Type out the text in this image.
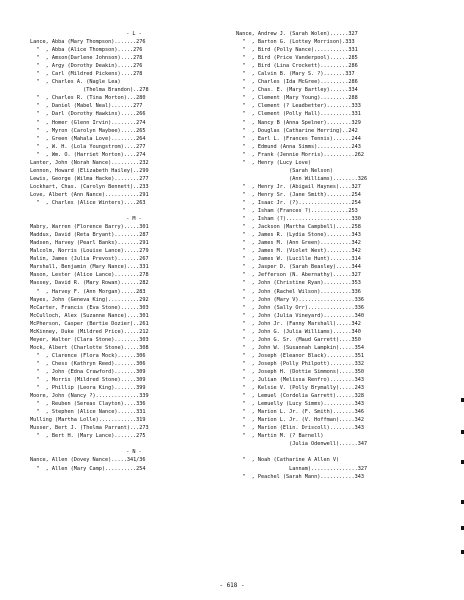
- L -
Lance, Abba (Mary Thompson).......276
"  , Abba (Alice Thompson).....276
"  , Amson(Darlene Johnson)....278
"  , Argy (Dorothy Deakin).....276
"  , Carl (Mildred Pickens)....278
"  , Charles A. (Nagle Lea)
(Thelma Brandon)..278
"  , Charles R. (Tina Morton)...280
"  , Daniel (Mabel Neal).......277
"  , Darl (Dorothy Hawkins).....266
"  , Homer (Glenn Irvin)........274
"  , Myron (Carolyn Maybee).....265
"  , Green (Mahala Love)........264
"  , W. H. (Lola Youngstrom)....277
"  , Wm. O. (Harriet Morton)....274
Lanter, John (Norah Nance).........232
Lennon, Howard (Elizabeth Hailey)..299
Lewis, George (Wilma Hacke)........277
Lockhart, Chas. (Carolyn Bennett)..233
Love, Albert (Ann Nance)...........291
"  , Charles (Alice Winters)....263
- M -
Mabry, Warren (Florence Barry).....301
Maddux, David (Reta Bryant)........287
Madsen, Harvey (Pearl Banks).......291
Malcolm, Norris (Louise Lance).....279
Malin, James (Julia Prevost).......267
Marshall, Benjamin (Mary Nance)....331
Mason, Lester (Alice Lance)........278
Massey, David R. (Mary Rowan)......282
"  , Harvey F. (Ann Morgan).....283
Mayes, John (Geneva King)..........292
McCarter, Francis (Eva Stone)......303
McCulloch, Alex (Suzanne Nance)....301
McPherson, Casper (Bertie Dozier)..261
McKinney, Duke (Mildred Price).....212
Meyer, Walter (Clara Stone)........303
Mock, Albert (Charlotte Stone).....308
"  , Clarence (Flora Mock)......306
"  , Chess (Kathryn Reed).......306
"  , John (Edna Crawford).......309
"  , Morris (Mildred Stone).....309
"  , Phillip (Leora King).......399
Moore, John (Nancy ?)..............339
"  , Reuben (Sereas Clayton)....336
"  , Stephen (Alice Nance)......331
Mulling (Martha Lolle)............319
Musser, Bert J. (Thelma Parrant)...273
"  , Bert H. (Mary Lance).......275
- N -
Nance, Allen (Dovey Nance).....341/36
"  , Allen (Mary Camp)..........254
Nance, Andrew J. (Sarah Wolen)......327
"  , Barton G. (Lottey Morrison).333
"  , Bird (Polly Nance)...........331
"  , Bird (Price Vanderpool)......285
"  , Bird (Lina Crockett).........286
"  , Calvin B. (Mary S. ?).......337
"  , Charles (Ida McGree).........286
"  , Chas. E. (Mary Bartley)......334
"  , Clement (Mary Young).........288
"  , Clement (? Leadbetter)........333
"  , Clement (Polly Hall)..........331
"  , Nancy B (Anna Spelner)........329
"  , Douglas (Catharine Herring)..242
"  , Earl L. (Frances Tennis)......244
"  , Edmund (Anna Simms)...........243
"  , Frank (Jennie Morris)..........262
"  , Henry (Lucy Love)
(Sarah Nelson)
(Ann Williams)........326
"  , Henry Jr. (Abigail Haynes)....327
"  , Henry Sr. (Jane Smith)........254
"  , Isaac Jr. (?).................254
"  , Isham (Frances ?)............253
"  , Isham (?).....................330
"  , Jackson (Martha Campbell).....258
"  , James R. (Lydia Stone)........343
"  , James M. (Ann Green)..........342
"  , James M. (Violet West)........342
"  , James W. (Lucille Hunt).......314
"  , Jasper D. (Sarah Beasley).....344
"  , Jefferson (N. Abernathy)......327
"  , John (Christine Ryan).........353
"  , John (Rachel Wilson)..........336
"  , John (Mary V)..................336
"  , John (Sally Orr)...............336
"  , John (Julia Vineyard)..........340
"  , John Jr. (Fanny Marshall).....342
"  , John G. (Julia Williams)......340
"  , John G. Sr. (Maud Garrett)....350
"  , John W. (Susannah Lampkin).....354
"  , Joseph (Eleanor Black).........351
"  , Joseph (Polly Philpott)........332
"  , Joseph H. (Dottie Simmons).....350
"  , Julian (Melissa Renfro)........343
"  , Kelsie V. (Polly Brymally).....243
"  , Lemuel (Cordelia Garrett)......328
"  , Lemuelly (Lucy Simms)..........343
"  , Marion L. Jr. (F. Smith).......346
"  , Marion L. Jr. (V. Hoffman).....342
"  , Marion (Elin. Driscoll)........343
"  , Martin M. (? Barnell)
(Julia Odenwell)......347
"  , Noah (Catharine A Allen V)
Lannam)...............327
"  , Peachel (Sarah Mann)...........343
- 618 -
